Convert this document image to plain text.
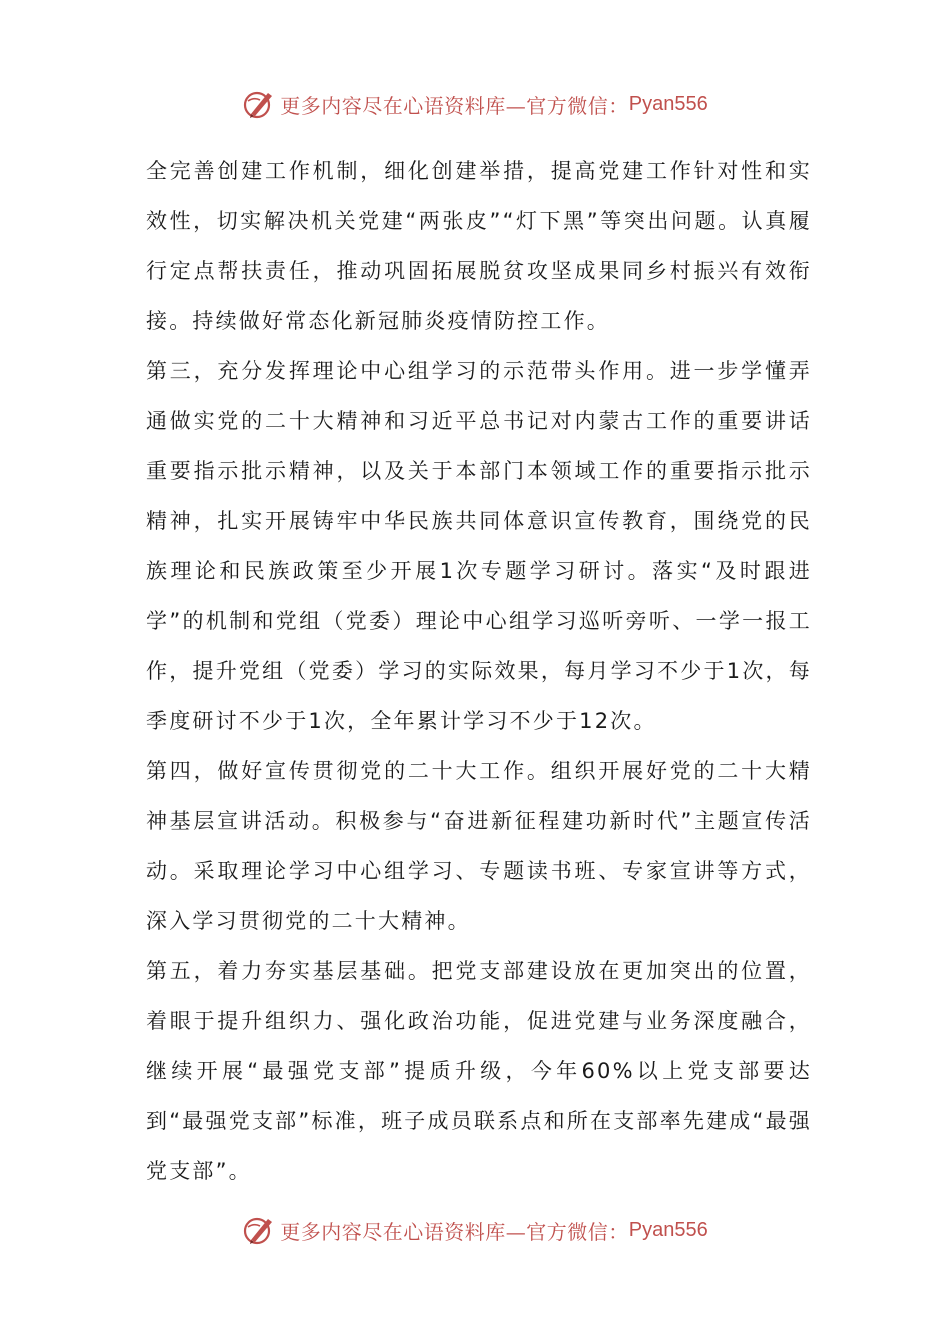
更多内容尽在心语资料库—官方微信： Pyan556

全完善创建工作机制，细化创建举措，提高党建工作针对性和实效性，切实解决机关党建“两张皮”“灯下黑”等突出问题。认真履行定点帮扶责任，推动巩固拓展脱贫攻坚成果同乡村振兴有效衔接。持续做好常态化新冠肺炎疫情防控工作。

第三，充分发挥理论中心组学习的示范带头作用。进一步学懂弄通做实党的二十大精神和习近平总书记对内蒙古工作的重要讲话重要指示批示精神，以及关于本部门本领域工作的重要指示批示精神，扎实开展铸牢中华民族共同体意识宣传教育，围绕党的民族理论和民族政策至少开展1次专题学习研讨。落实“及时跟进学”的机制和党组（党委）理论中心组学习巡听旁听、一学一报工作，提升党组（党委）学习的实际效果，每月学习不少于1次，每季度研讨不少于1次，全年累计学习不少于12次。

第四，做好宣传贯彻党的二十大工作。组织开展好党的二十大精神基层宣讲活动。积极参与“奋进新征程建功新时代”主题宣传活动。采取理论学习中心组学习、专题读书班、专家宣讲等方式，深入学习贯彻党的二十大精神。

第五，着力夯实基层基础。把党支部建设放在更加突出的位置，着眼于提升组织力、强化政治功能，促进党建与业务深度融合，继续开展“最强党支部”提质升级，今年60%以上党支部要达到“最强党支部”标准，班子成员联系点和所在支部率先建成“最强党支部”。

更多内容尽在心语资料库—官方微信： Pyan556
